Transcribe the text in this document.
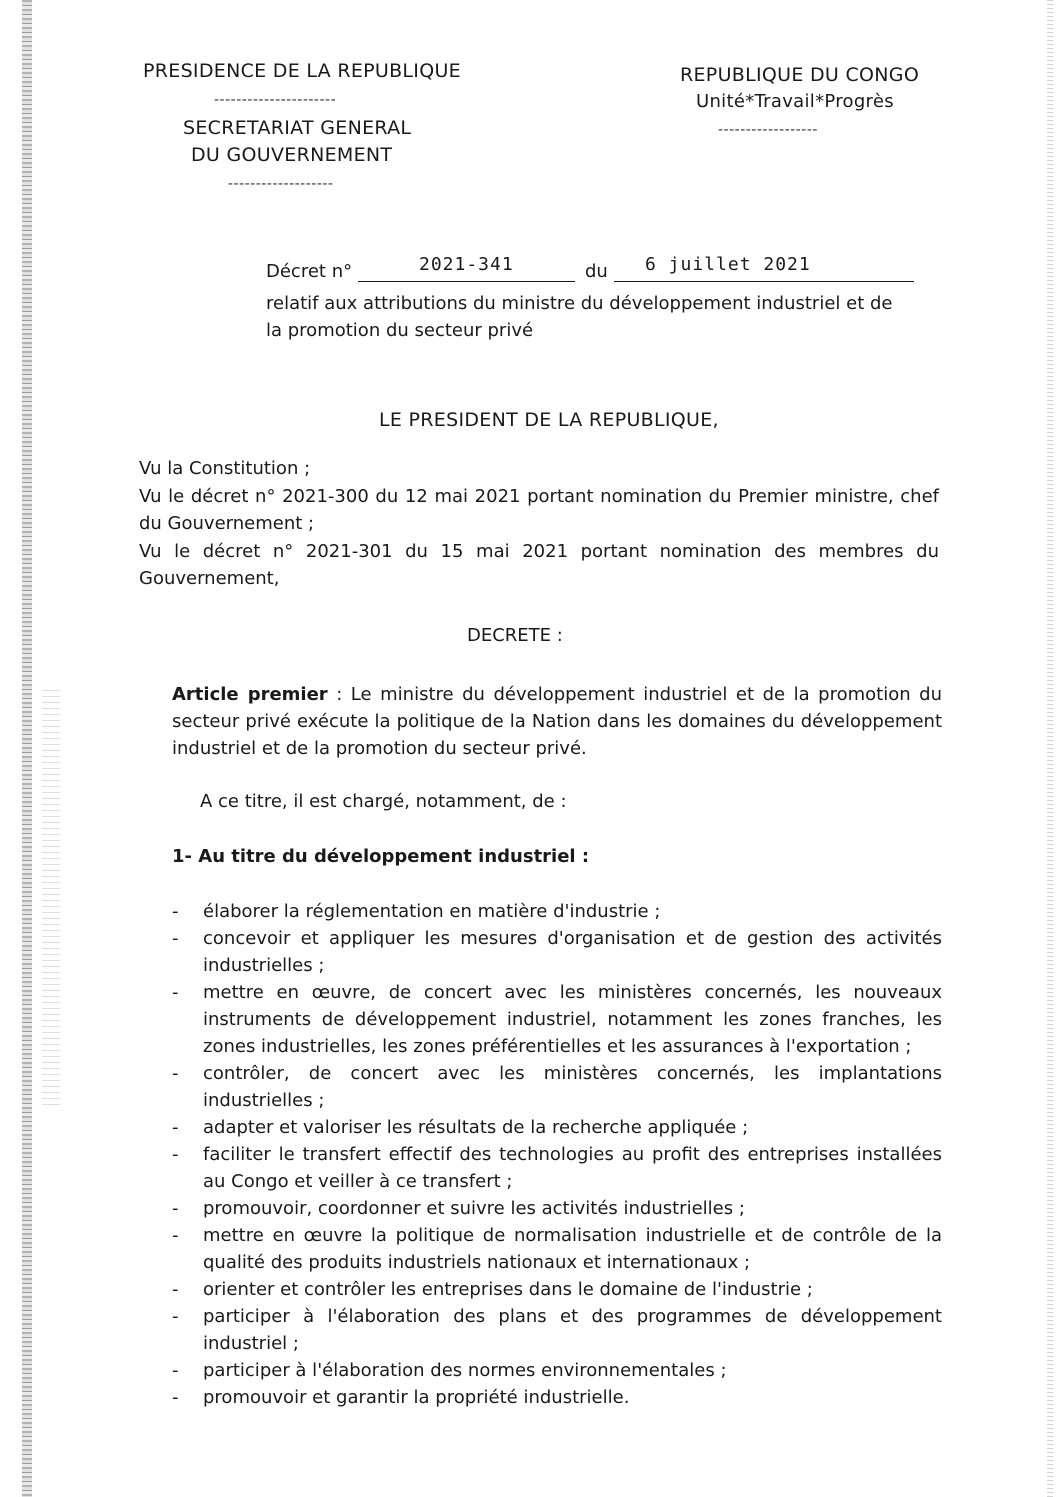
PRESIDENCE DE LA REPUBLIQUE
----------------------
SECRETARIAT GENERAL
DU GOUVERNEMENT
-------------------
REPUBLIQUE DU CONGO
Unité*Travail*Progrès
------------------
Décret n°	2021-341	du 6 juillet 2021
relatif aux attributions du ministre du développement industriel et de
la promotion du secteur privé
LE PRESIDENT DE LA REPUBLIQUE,
Vu la Constitution ;
Vu le décret n° 2021-300 du 12 mai 2021 portant nomination du Premier ministre, chef
du Gouvernement ;
Vu le décret n° 2021-301 du 15 mai 2021 portant nomination des membres du
Gouvernement,
DECRETE :
Article premier : Le ministre du développement industriel et de la promotion du secteur privé exécute la politique de la Nation dans les domaines du développement industriel et de la promotion du secteur privé.
A ce titre, il est chargé, notamment, de :
1- Au titre du développement industriel :
- élaborer la réglementation en matière d'industrie ;
- concevoir et appliquer les mesures d'organisation et de gestion des activités industrielles ;
- mettre en œuvre, de concert avec les ministères concernés, les nouveaux instruments de développement industriel, notamment les zones franches, les zones industrielles, les zones préférentielles et les assurances à l'exportation ;
- contrôler, de concert avec les ministères concernés, les implantations industrielles ;
- adapter et valoriser les résultats de la recherche appliquée ;
- faciliter le transfert effectif des technologies au profit des entreprises installées au Congo et veiller à ce transfert ;
- promouvoir, coordonner et suivre les activités industrielles ;
- mettre en œuvre la politique de normalisation industrielle et de contrôle de la qualité des produits industriels nationaux et internationaux ;
- orienter et contrôler les entreprises dans le domaine de l'industrie ;
- participer à l'élaboration des plans et des programmes de développement industriel ;
- participer à l'élaboration des normes environnementales ;
- promouvoir et garantir la propriété industrielle.
